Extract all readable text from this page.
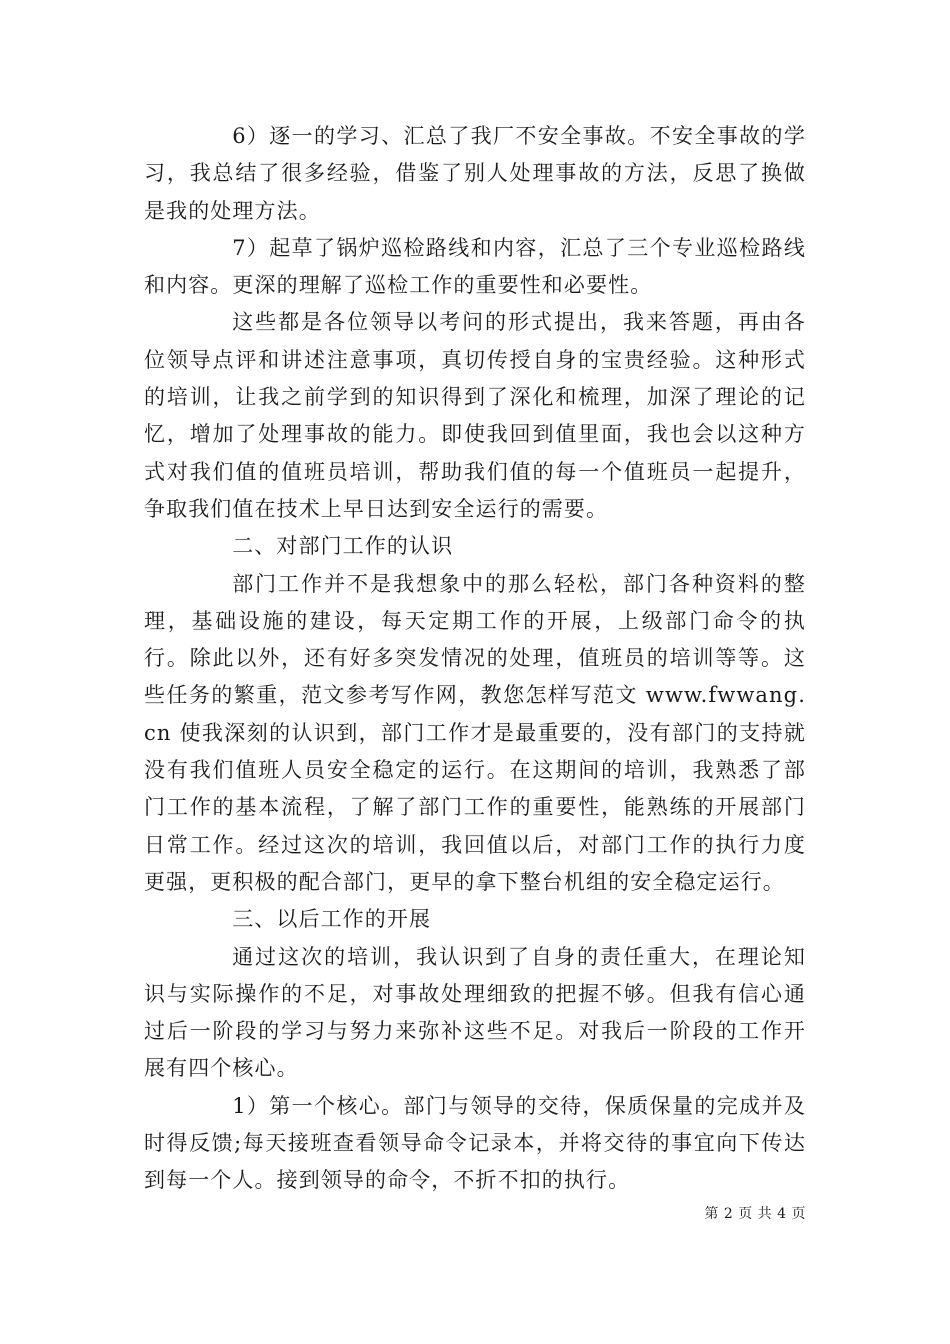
6）逐一的学习、汇总了我厂不安全事故。不安全事故的学习，我总结了很多经验，借鉴了别人处理事故的方法，反思了换做是我的处理方法。

7）起草了锅炉巡检路线和内容，汇总了三个专业巡检路线和内容。更深的理解了巡检工作的重要性和必要性。

这些都是各位领导以考问的形式提出，我来答题，再由各位领导点评和讲述注意事项，真切传授自身的宝贵经验。这种形式的培训，让我之前学到的知识得到了深化和梳理，加深了理论的记忆，增加了处理事故的能力。即使我回到值里面，我也会以这种方式对我们值的值班员培训，帮助我们值的每一个值班员一起提升，争取我们值在技术上早日达到安全运行的需要。

二、对部门工作的认识

部门工作并不是我想象中的那么轻松，部门各种资料的整理，基础设施的建设，每天定期工作的开展，上级部门命令的执行。除此以外，还有好多突发情况的处理，值班员的培训等等。这些任务的繁重，范文参考写作网，教您怎样写范文 www.fwwang.cn 使我深刻的认识到，部门工作才是最重要的，没有部门的支持就没有我们值班人员安全稳定的运行。在这期间的培训，我熟悉了部门工作的基本流程，了解了部门工作的重要性，能熟练的开展部门日常工作。经过这次的培训，我回值以后，对部门工作的执行力度更强，更积极的配合部门，更早的拿下整台机组的安全稳定运行。

三、以后工作的开展

通过这次的培训，我认识到了自身的责任重大，在理论知识与实际操作的不足，对事故处理细致的把握不够。但我有信心通过后一阶段的学习与努力来弥补这些不足。对我后一阶段的工作开展有四个核心。

1）第一个核心。部门与领导的交待，保质保量的完成并及时得反馈;每天接班查看领导命令记录本，并将交待的事宜向下传达到每一个人。接到领导的命令，不折不扣的执行。

第 2 页 共 4 页
